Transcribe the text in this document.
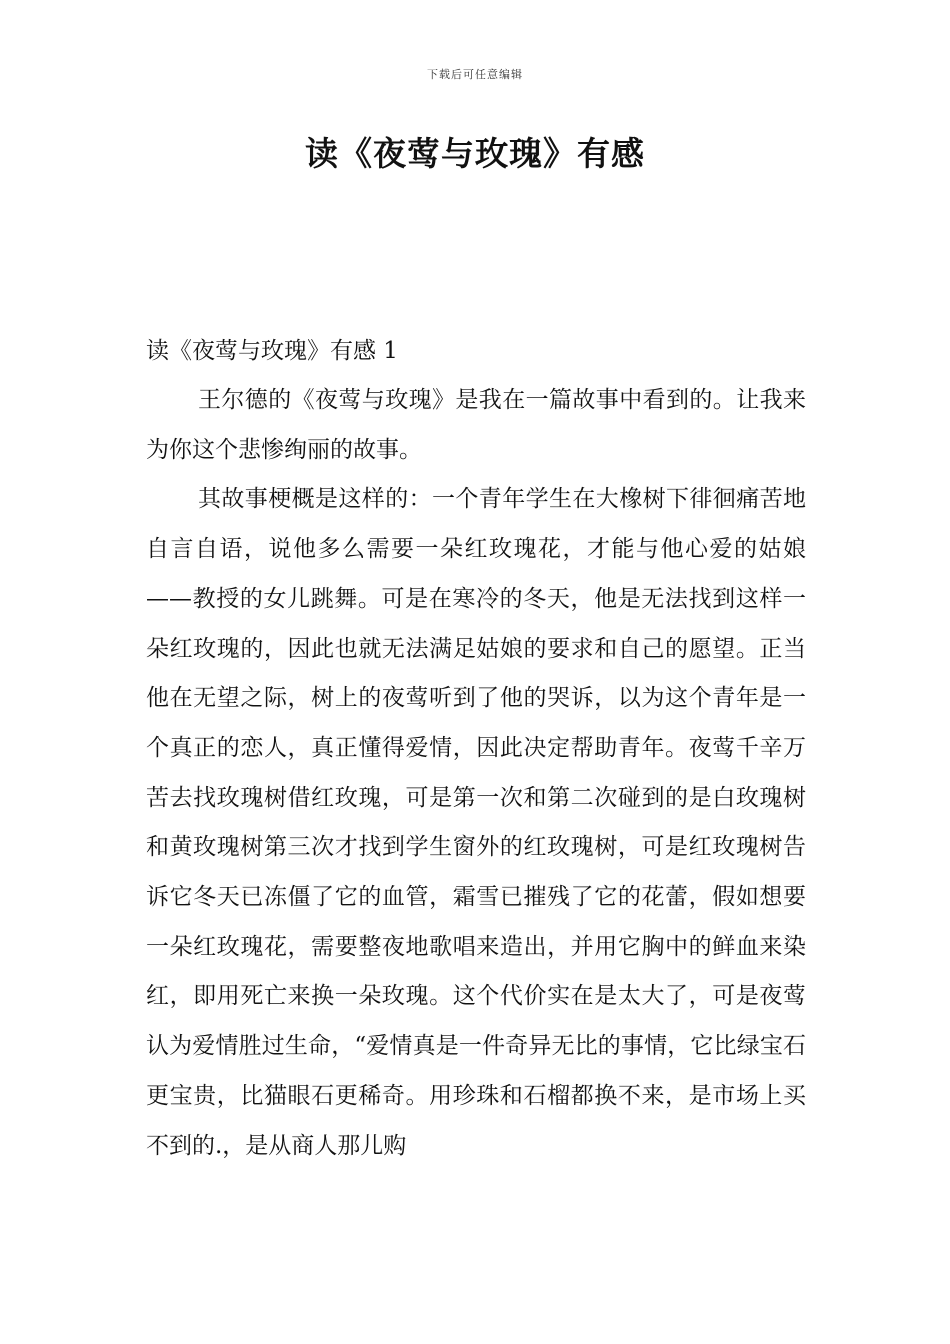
下载后可任意编辑
读《夜莺与玫瑰》有感

读《夜莺与玫瑰》有感 1

王尔德的《夜莺与玫瑰》是我在一篇故事中看到的。让我来为你这个悲惨绚丽的故事。

其故事梗概是这样的：一个青年学生在大橡树下徘徊痛苦地自言自语，说他多么需要一朵红玫瑰花，才能与他心爱的姑娘——教授的女儿跳舞。可是在寒冷的冬天，他是无法找到这样一朵红玫瑰的，因此也就无法满足姑娘的要求和自己的愿望。正当他在无望之际，树上的夜莺听到了他的哭诉，以为这个青年是一个真正的恋人，真正懂得爱情，因此决定帮助青年。夜莺千辛万苦去找玫瑰树借红玫瑰，可是第一次和第二次碰到的是白玫瑰树和黄玫瑰树第三次才找到学生窗外的红玫瑰树，可是红玫瑰树告诉它冬天已冻僵了它的血管，霜雪已摧残了它的花蕾，假如想要一朵红玫瑰花，需要整夜地歌唱来造出，并用它胸中的鲜血来染红，即用死亡来换一朵玫瑰。这个代价实在是太大了，可是夜莺认为爱情胜过生命，“爱情真是一件奇异无比的事情，它比绿宝石更宝贵，比猫眼石更稀奇。用珍珠和石榴都换不来，是市场上买不到的.，是从商人那儿购
